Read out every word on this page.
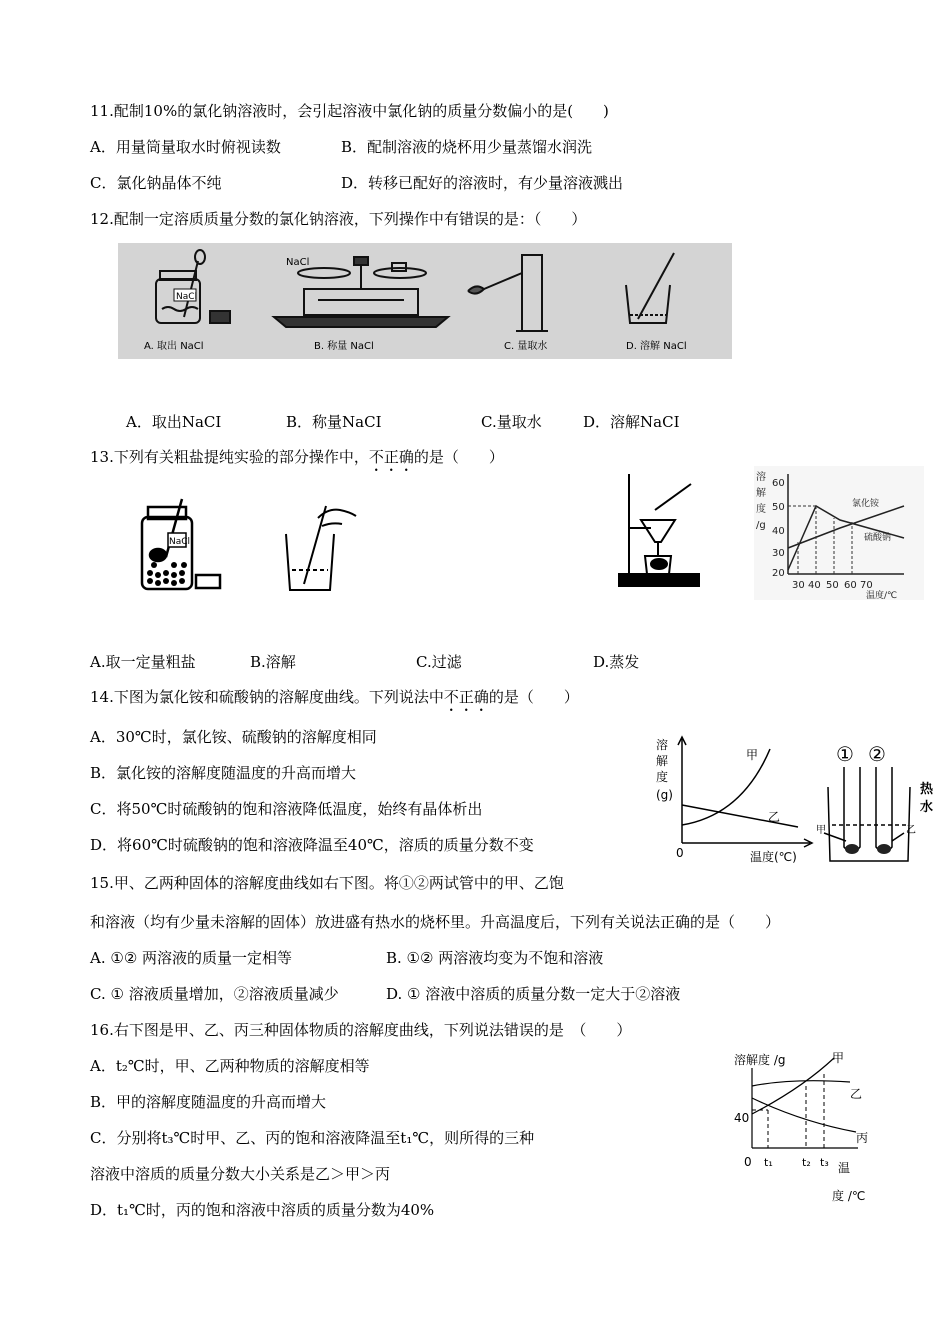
11.配制10%的氯化钠溶液时，会引起溶液中氯化钠的质量分数偏小的是(　　)
A．用量筒量取水时俯视读数	B．配制溶液的烧杯用少量蒸馏水润洗
C．氯化钠晶体不纯	D．转移已配好的溶液时，有少量溶液溅出
12.配制一定溶质质量分数的氯化钠溶液，下列操作中有错误的是：（　　）
NaCl
NaCl
A. 取出 NaCl	B. 称量 NaCl	C. 量取水	D. 溶解 NaCl
A．取出NaCI	B．称量NaCI	C.量取水	D．溶解NaCI
13.下列有关粗盐提纯实验的部分操作中，不正确的是（　　）
NaCl
溶
解
度
/g
60
50
40
30
20
30 40 50 60 70
温度/℃
氯化铵
硫酸钠
A.取一定量粗盐	B.溶解	C.过滤	D.蒸发
14.下图为氯化铵和硫酸钠的溶解度曲线。下列说法中不正确的是（　　）
A．30℃时，氯化铵、硫酸钠的溶解度相同
B．氯化铵的溶解度随温度的升高而增大
C．将50℃时硫酸钠的饱和溶液降低温度，始终有晶体析出
D．将60℃时硫酸钠的饱和溶液降温至40℃，溶质的质量分数不变
溶
解
度
(g)
0	温度(℃)
甲
乙
① ②
热
水
甲	乙
15.甲、乙两种固体的溶解度曲线如右下图。将①②两试管中的甲、乙饱
和溶液（均有少量未溶解的固体）放进盛有热水的烧杯里。升高温度后，下列有关说法正确的是（　　）
A. ①② 两溶液的质量一定相等	B. ①② 两溶液均变为不饱和溶液
C. ① 溶液质量增加，②溶液质量减少	D. ① 溶液中溶质的质量分数一定大于②溶液
16.右下图是甲、乙、丙三种固体物质的溶解度曲线，下列说法错误的是　（　　）
A．t₂℃时，甲、乙两种物质的溶解度相等
B．甲的溶解度随温度的升高而增大
C．分别将t₃℃时甲、乙、丙的饱和溶液降温至t₁℃，则所得的三种
溶液中溶质的质量分数大小关系是乙＞甲＞丙
D．t₁℃时，丙的饱和溶液中溶质的质量分数为40%
溶解度 /g
40
0 t₁	t₂ t₃ 温
度 /℃
甲
乙
丙
